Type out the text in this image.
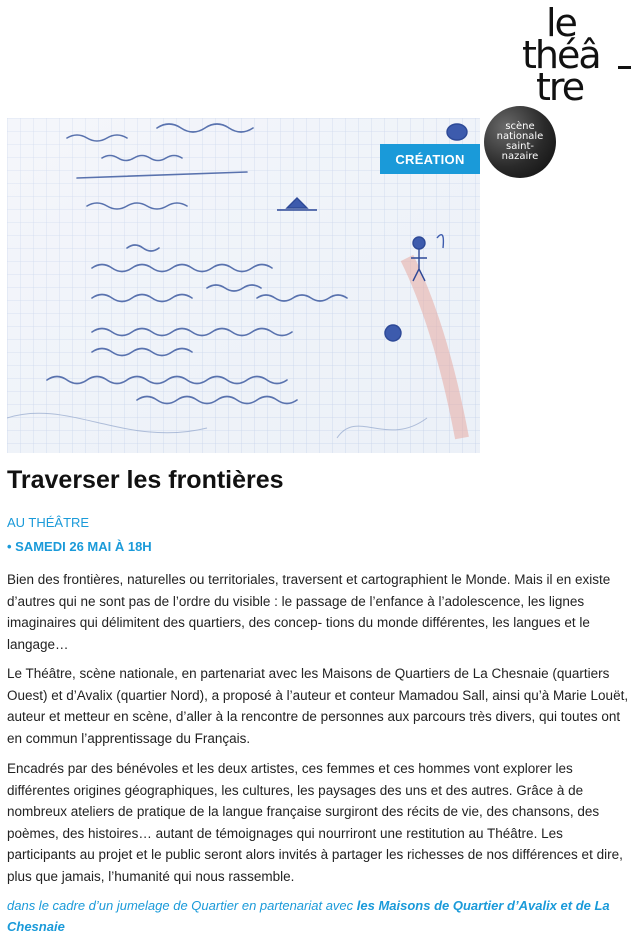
le
théâ
tre
scène
nationale
saint-
nazaire
CRÉATION
Traverser les frontières
AU THÉÂTRE
• SAMEDI 26 MAI À 18H

Bien des frontières, naturelles ou territoriales, traversent et cartographient le Monde. Mais il en existe d’autres qui ne sont pas de l’ordre du visible : le passage de l’enfance à l’adolescence, les lignes imaginaires qui délimitent des quartiers, des concep- tions du monde différentes, les langues et le langage…

Le Théâtre, scène nationale, en partenariat avec les Maisons de Quartiers de La Chesnaie (quartiers Ouest) et d’Avalix (quartier Nord), a proposé à l’auteur et conteur Mamadou Sall, ainsi qu’à Marie Louët, auteur et metteur en scène, d’aller à la rencontre de personnes aux parcours très divers, qui toutes ont en commun l’apprentissage du Français.

Encadrés par des bénévoles et les deux artistes, ces femmes et ces hommes vont explorer les différentes origines géographiques, les cultures, les paysages des uns et des autres. Grâce à de nombreux ateliers de pratique de la langue française surgiront des récits de vie, des chansons, des poèmes, des histoires… autant de témoignages qui nourriront une restitution au Théâtre. Les participants au projet et le public seront alors invités à partager les richesses de nos différences et dire, plus que jamais, l’humanité qui nous rassemble.

dans le cadre d’un jumelage de Quartier en partenariat avec les Maisons de Quartier d’Avalix et de La Chesnaie
